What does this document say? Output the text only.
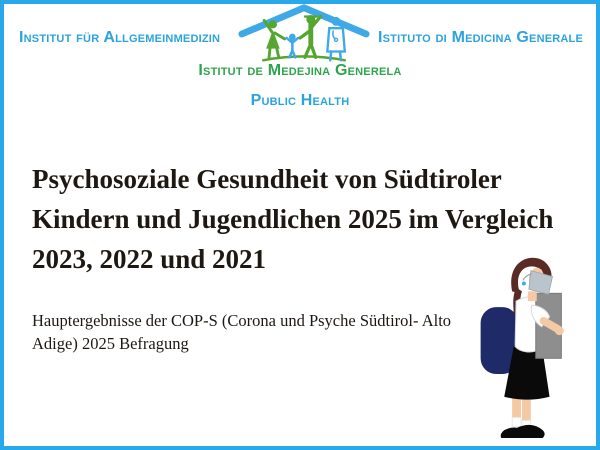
Institut für Allgemeinmedizin	Istituto di Medicina Generale
Istitut de Medejina Generela
Public Health
Psychosoziale Gesundheit von Südtiroler
Kindern und Jugendlichen 2025 im Vergleich
2023, 2022 und 2021

Hauptergebnisse der COP-S (Corona und Psyche Südtirol- Alto
Adige) 2025 Befragung
